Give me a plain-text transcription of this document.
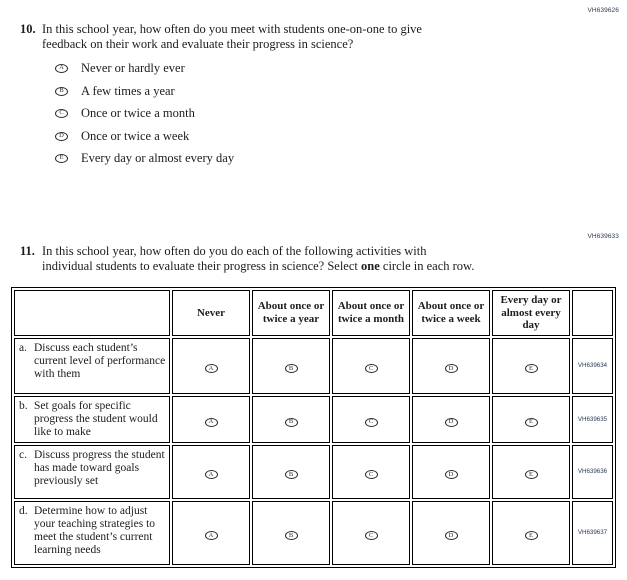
VH639626
10. In this school year, how often do you meet with students one-on-one to give
feedback on their work and evaluate their progress in science?
A	Never or hardly ever
B	A few times a year
C	Once or twice a month
D	Once or twice a week
E	Every day or almost every day
VH639633
11. In this school year, how often do you do each of the following activities with
individual students to evaluate their progress in science? Select one circle in each row.
	Never	About once or twice a year	About once or twice a month	About once or twice a week	Every day or almost every day	

a. Discuss each student’s current level of performance with them	A	B	C	D	E	VH639634

b. Set goals for specific progress the student would like to make	A	B	C	D	E	VH639635

c. Discuss progress the student has made toward goals previously set	A	B	C	D	E	VH639636

d. Determine how to adjust your teaching strategies to meet the student’s current learning needs	A	B	C	D	E	VH639637
